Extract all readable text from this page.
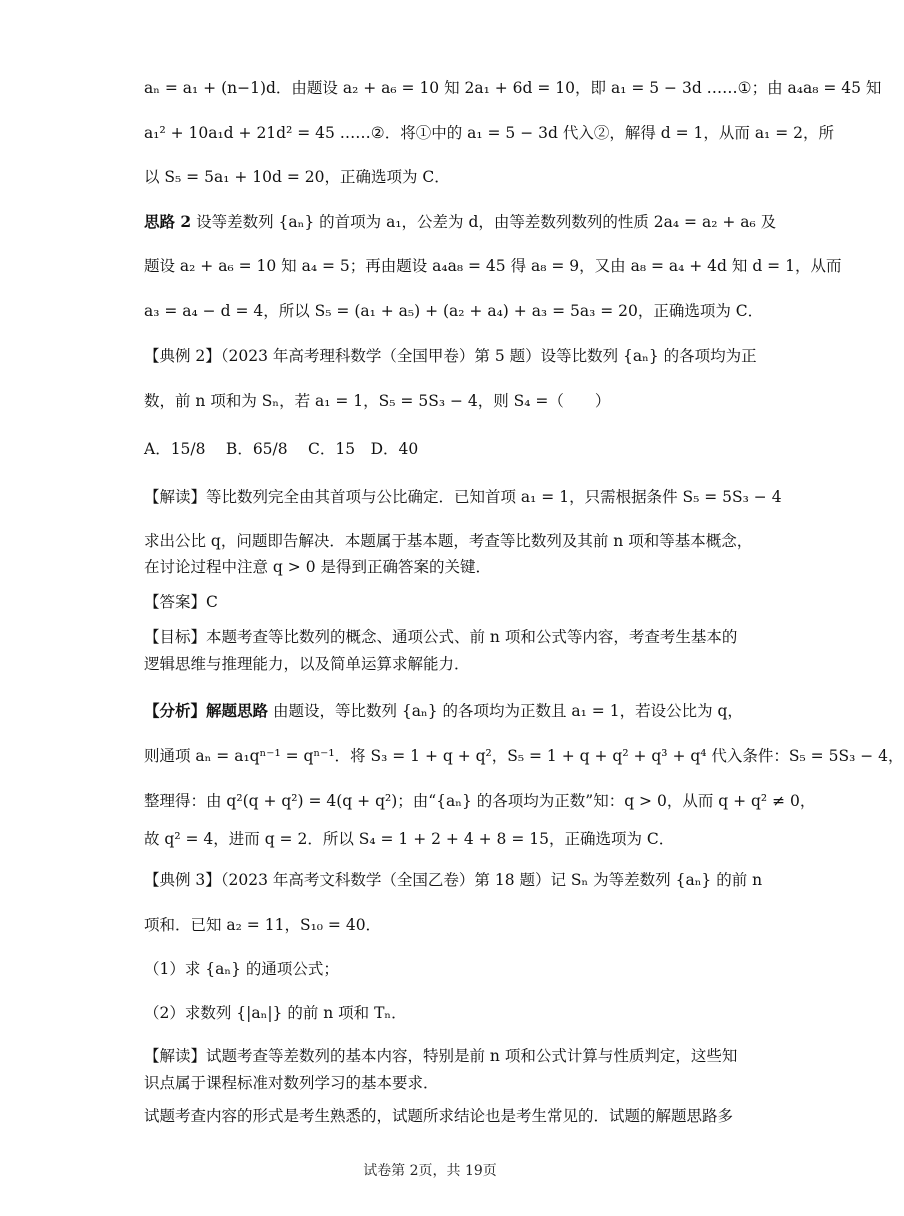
aₙ = a₁ + (n−1)d．由题设 a₂ + a₆ = 10 知 2a₁ + 6d = 10，即 a₁ = 5 − 3d ……①；由 a₄a₈ = 45 知
a₁² + 10a₁d + 21d² = 45 ……②．将①中的 a₁ = 5 − 3d 代入②，解得 d = 1，从而 a₁ = 2，所
以 S₅ = 5a₁ + 10d = 20，正确选项为 C．
思路 2 设等差数列 {aₙ} 的首项为 a₁，公差为 d，由等差数列数列的性质 2a₄ = a₂ + a₆ 及
题设 a₂ + a₆ = 10 知 a₄ = 5；再由题设 a₄a₈ = 45 得 a₈ = 9，又由 a₈ = a₄ + 4d 知 d = 1，从而
a₃ = a₄ − d = 4，所以 S₅ = (a₁ + a₅) + (a₂ + a₄) + a₃ = 5a₃ = 20，正确选项为 C．
【典例 2】（2023 年高考理科数学（全国甲卷）第 5 题）设等比数列 {aₙ} 的各项均为正
数，前 n 项和为 Sₙ，若 a₁ = 1，S₅ = 5S₃ − 4，则 S₄ =（　　）
A．15/8　 B．65/8　 C．15　D．40
【解读】等比数列完全由其首项与公比确定．已知首项 a₁ = 1，只需根据条件 S₅ = 5S₃ − 4
求出公比 q，问题即告解决．本题属于基本题，考查等比数列及其前 n 项和等基本概念，
在讨论过程中注意 q > 0 是得到正确答案的关键．
【答案】C
【目标】本题考查等比数列的概念、通项公式、前 n 项和公式等内容，考查考生基本的
逻辑思维与推理能力，以及简单运算求解能力．
【分析】解题思路 由题设，等比数列 {aₙ} 的各项均为正数且 a₁ = 1，若设公比为 q，
则通项 aₙ = a₁qⁿ⁻¹ = qⁿ⁻¹．将 S₃ = 1 + q + q²，S₅ = 1 + q + q² + q³ + q⁴ 代入条件：S₅ = 5S₃ − 4，
整理得：由 q²(q + q²) = 4(q + q²)；由“{aₙ} 的各项均为正数”知：q > 0，从而 q + q² ≠ 0，
故 q² = 4，进而 q = 2．所以 S₄ = 1 + 2 + 4 + 8 = 15，正确选项为 C．
【典例 3】（2023 年高考文科数学（全国乙卷）第 18 题）记 Sₙ 为等差数列 {aₙ} 的前 n
项和．已知 a₂ = 11，S₁₀ = 40．
（1）求 {aₙ} 的通项公式；
（2）求数列 {|aₙ|} 的前 n 项和 Tₙ．
【解读】试题考查等差数列的基本内容，特别是前 n 项和公式计算与性质判定，这些知
识点属于课程标准对数列学习的基本要求．
试题考查内容的形式是考生熟悉的，试题所求结论也是考生常见的．试题的解题思路多
试卷第 2页，共 19页
